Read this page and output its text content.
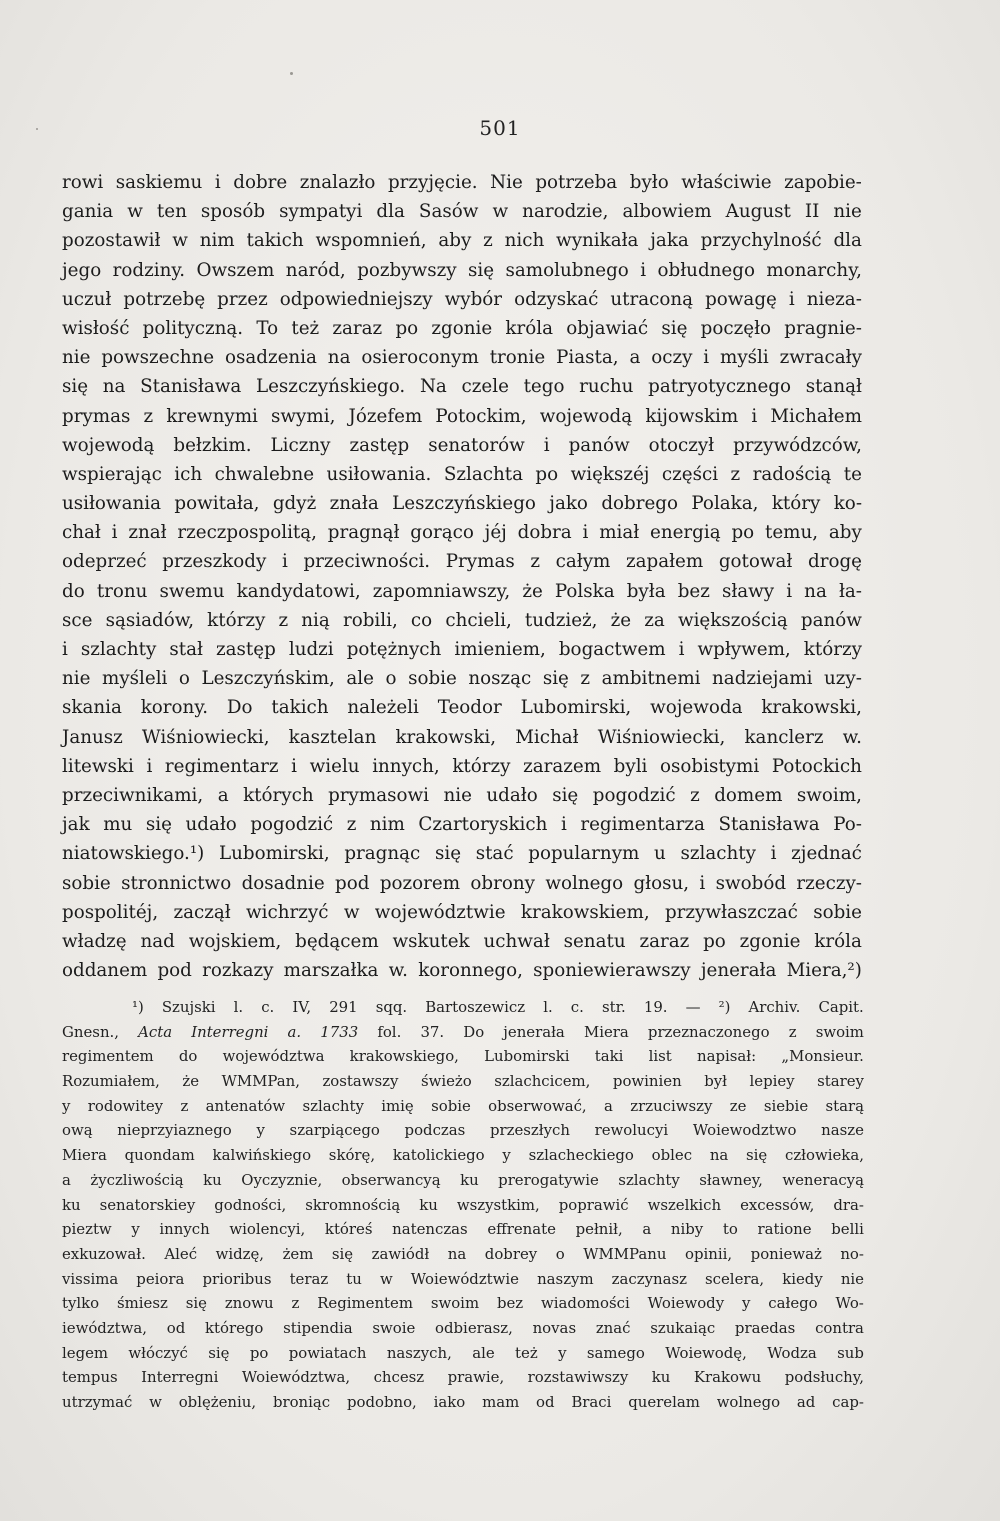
501
rowi saskiemu i dobre znalazło przyjęcie. Nie potrzeba było właściwie zapobie-
gania w ten sposób sympatyi dla Sasów w narodzie, albowiem August II nie
pozostawił w nim takich wspomnień, aby z nich wynikała jaka przychylność dla
jego rodziny. Owszem naród, pozbywszy się samolubnego i obłudnego monarchy,
uczuł potrzebę przez odpowiedniejszy wybór odzyskać utraconą powagę i nieza-
wisłość polityczną. To też zaraz po zgonie króla objawiać się poczęło pragnie-
nie powszechne osadzenia na osieroconym tronie Piasta, a oczy i myśli zwracały
się na Stanisława Leszczyńskiego. Na czele tego ruchu patryotycznego stanął
prymas z krewnymi swymi, Józefem Potockim, wojewodą kijowskim i Michałem
wojewodą bełzkim. Liczny zastęp senatorów i panów otoczył przywódzców,
wspierając ich chwalebne usiłowania. Szlachta po większéj części z radością te
usiłowania powitała, gdyż znała Leszczyńskiego jako dobrego Polaka, który ko-
chał i znał rzeczpospolitą, pragnął gorąco jéj dobra i miał energią po temu, aby
odeprzeć przeszkody i przeciwności. Prymas z całym zapałem gotował drogę
do tronu swemu kandydatowi, zapomniawszy, że Polska była bez sławy i na ła-
sce sąsiadów, którzy z nią robili, co chcieli, tudzież, że za większością panów
i szlachty stał zastęp ludzi potężnych imieniem, bogactwem i wpływem, którzy
nie myśleli o Leszczyńskim, ale o sobie nosząc się z ambitnemi nadziejami uzy-
skania korony. Do takich należeli Teodor Lubomirski, wojewoda krakowski,
Janusz Wiśniowiecki, kasztelan krakowski, Michał Wiśniowiecki, kanclerz w.
litewski i regimentarz i wielu innych, którzy zarazem byli osobistymi Potockich
przeciwnikami, a których prymasowi nie udało się pogodzić z domem swoim,
jak mu się udało pogodzić z nim Czartoryskich i regimentarza Stanisława Po-
niatowskiego.¹) Lubomirski, pragnąc się stać popularnym u szlachty i zjednać
sobie stronnictwo dosadnie pod pozorem obrony wolnego głosu, i swobód rzeczy-
pospolitéj, zaczął wichrzyć w województwie krakowskiem, przywłaszczać sobie
władzę nad wojskiem, będącem wskutek uchwał senatu zaraz po zgonie króla
oddanem pod rozkazy marszałka w. koronnego, sponiewierawszy jenerała Miera,²)
¹) Szujski l. c. IV, 291 sqq. Bartoszewicz l. c. str. 19. — ²) Archiv. Capit.
Gnesn., Acta Interregni a. 1733 fol. 37. Do jenerała Miera przeznaczonego z swoim
regimentem do województwa krakowskiego, Lubomirski taki list napisał: „Monsieur.
Rozumiałem, że WMMPan, zostawszy świeżo szlachcicem, powinien był lepiey starey
y rodowitey z antenatów szlachty imię sobie obserwować, a zrzuciwszy ze siebie starą
ową nieprzyiaznego y szarpiącego podczas przeszłych rewolucyi Woiewodztwo nasze
Miera quondam kalwińskiego skórę, katolickiego y szlacheckiego oblec na się człowieka,
a życzliwością ku Oyczyznie, obserwancyą ku prerogatywie szlachty sławney, weneracyą
ku senatorskiey godności, skromnością ku wszystkim, poprawić wszelkich excessów, dra-
pieztw y innych wiolencyi, któreś natenczas effrenate pełnił, a niby to ratione belli
exkuzował. Aleć widzę, żem się zawiódł na dobrey o WMMPanu opinii, ponieważ no-
vissima peiora prioribus teraz tu w Woiewództwie naszym zaczynasz scelera, kiedy nie
tylko śmiesz się znowu z Regimentem swoim bez wiadomości Woiewody y całego Wo-
iewództwa, od którego stipendia swoie odbierasz, novas znać szukaiąc praedas contra
legem włóczyć się po powiatach naszych, ale też y samego Woiewodę, Wodza sub
tempus Interregni Woiewództwa, chcesz prawie, rozstawiwszy ku Krakowu podsłuchy,
utrzymać w oblężeniu, broniąc podobno, iako mam od Braci querelam wolnego ad cap-
